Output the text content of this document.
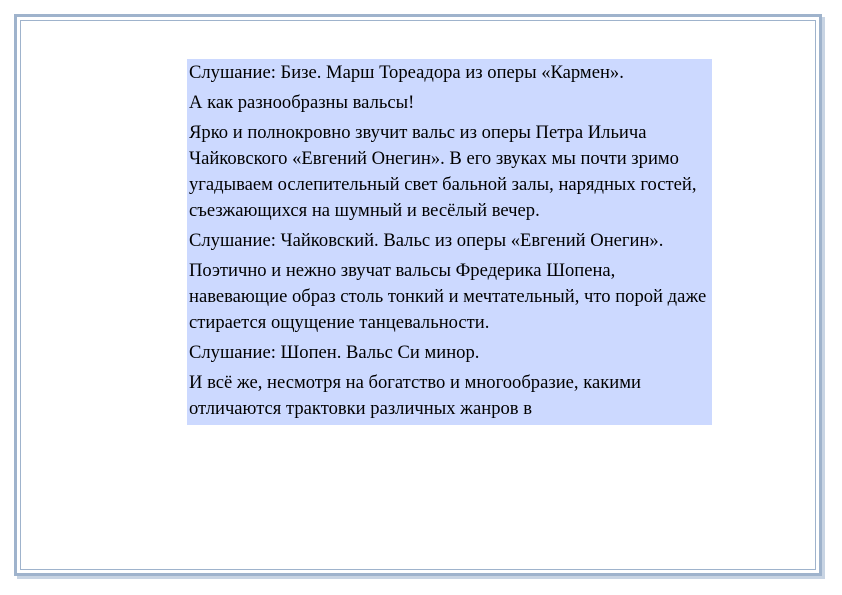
Слушание: Бизе. Марш Тореадора из оперы «Кармен».

А как разнообразны вальсы!

Ярко и полнокровно звучит вальс из оперы Петра Ильича Чайковского «Евгений Онегин». В его звуках мы почти зримо угадываем ослепительный свет бальной залы, нарядных гостей, съезжающихся на шумный и весёлый вечер.

Слушание: Чайковский. Вальс из оперы «Евгений Онегин».

Поэтично и нежно звучат вальсы Фредерика Шопена, навевающие образ столь тонкий и мечтательный, что порой даже стирается ощущение танцевальности.

Слушание: Шопен. Вальс Си минор.

И всё же, несмотря на богатство и многообразие, какими отличаются трактовки различных жанров в
